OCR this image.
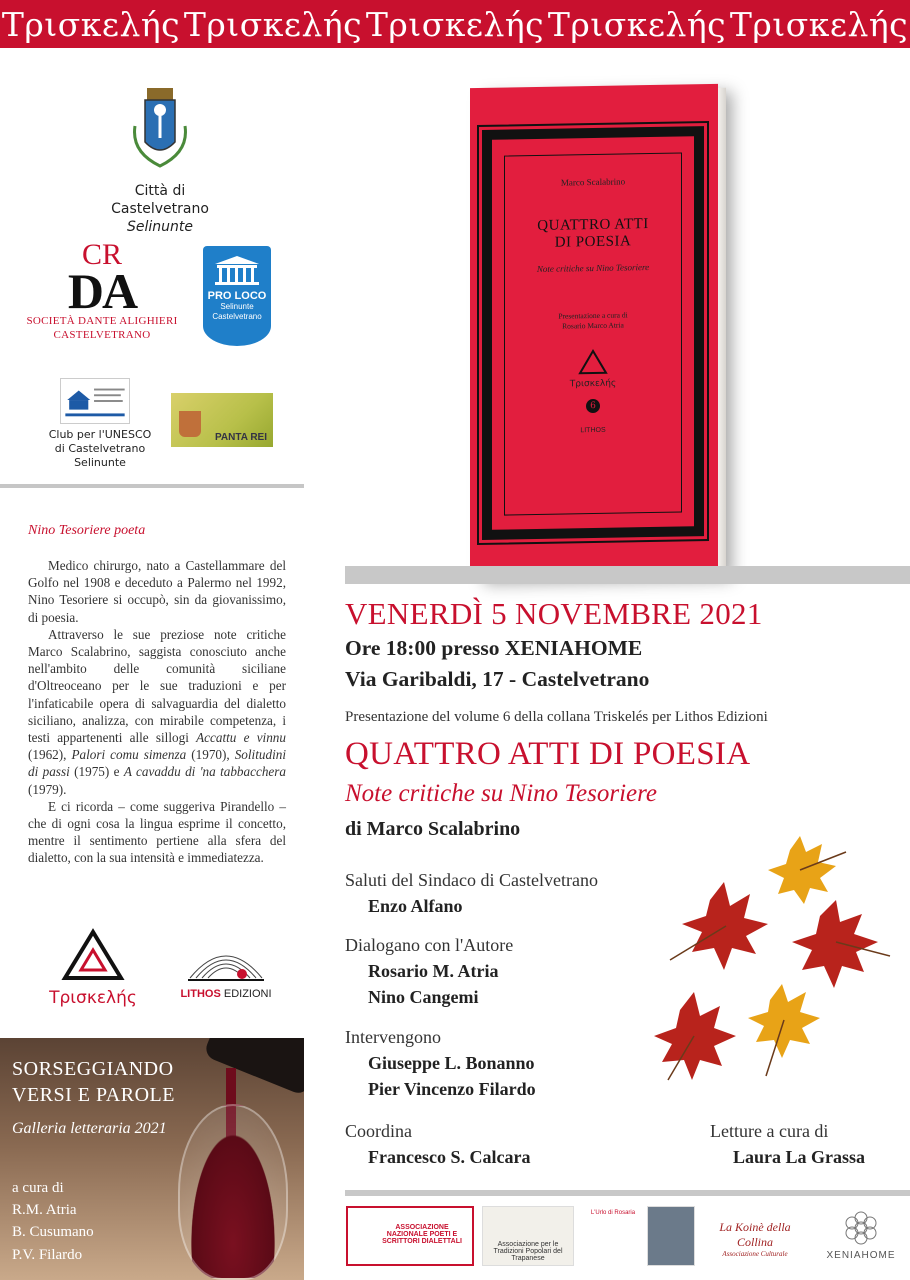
Τρισκελής Τρισκελής Τρισκελής Τρισκελής Τρισκελής
Città di
Castelvetrano Selinunte
CR
DA
SOCIETÀ DANTE ALIGHIERI
CASTELVETRANO
PRO LOCO
Selinunte
Castelvetrano
Club per l'UNESCO
di Castelvetrano Selinunte
PANTA REI
Nino Tesoriere poeta

Medico chirurgo, nato a Castellammare del Golfo nel 1908 e deceduto a Palermo nel 1992, Nino Tesoriere si occupò, sin da giovanissimo, di poesia.

Attraverso le sue preziose note critiche Marco Scalabrino, saggista conosciuto anche nell'ambito delle comunità siciliane d'Oltreoceano per le sue traduzioni e per l'infaticabile opera di salvaguardia del dialetto siciliano, analizza, con mirabile competenza, i testi appartenenti alle sillogi Accattu e vinnu (1962), Palori comu simenza (1970), Solitudini di passi (1975) e A cavaddu di 'na tabbacchera (1979).

E ci ricorda – come suggeriva Pirandello – che di ogni cosa la lingua esprime il concetto, mentre il sentimento pertiene alla sfera del dialetto, con la sua intensità e immediatezza.

Τρισκελής	LITHOS EDIZIONI
SORSEGGIANDO
VERSI E PAROLE
Galleria letteraria 2021
a cura di
R.M. Atria
B. Cusumano
P.V. Filardo
Marco Scalabrino
QUATTRO ATTI
DI POESIA
Note critiche su Nino Tesoriere
Presentazione a cura di
Rosario Marco Atria
Τρισκελής
6
LITHOS
VENERDÌ 5 NOVEMBRE 2021
Ore 18:00 presso XENIAHOME
Via Garibaldi, 17 - Castelvetrano
Presentazione del volume 6 della collana Triskelés per Lithos Edizioni
QUATTRO ATTI DI POESIA
Note critiche su Nino Tesoriere
di Marco Scalabrino
Saluti del Sindaco di Castelvetrano
Enzo Alfano
Dialogano con l'Autore
Rosario M. Atria
Nino Cangemi
Intervengono
Giuseppe L. Bonanno
Pier Vincenzo Filardo
Coordina
Francesco S. Calcara
Letture a cura di
Laura La Grassa
ASSOCIAZIONE NAZIONALE POETI E SCRITTORI DIALETTALI	Associazione per le Tradizioni Popolari del Trapanese
L'Urlo di Rosaria
La Koinè della Collina
Associazione Culturale	XENIAHOME
